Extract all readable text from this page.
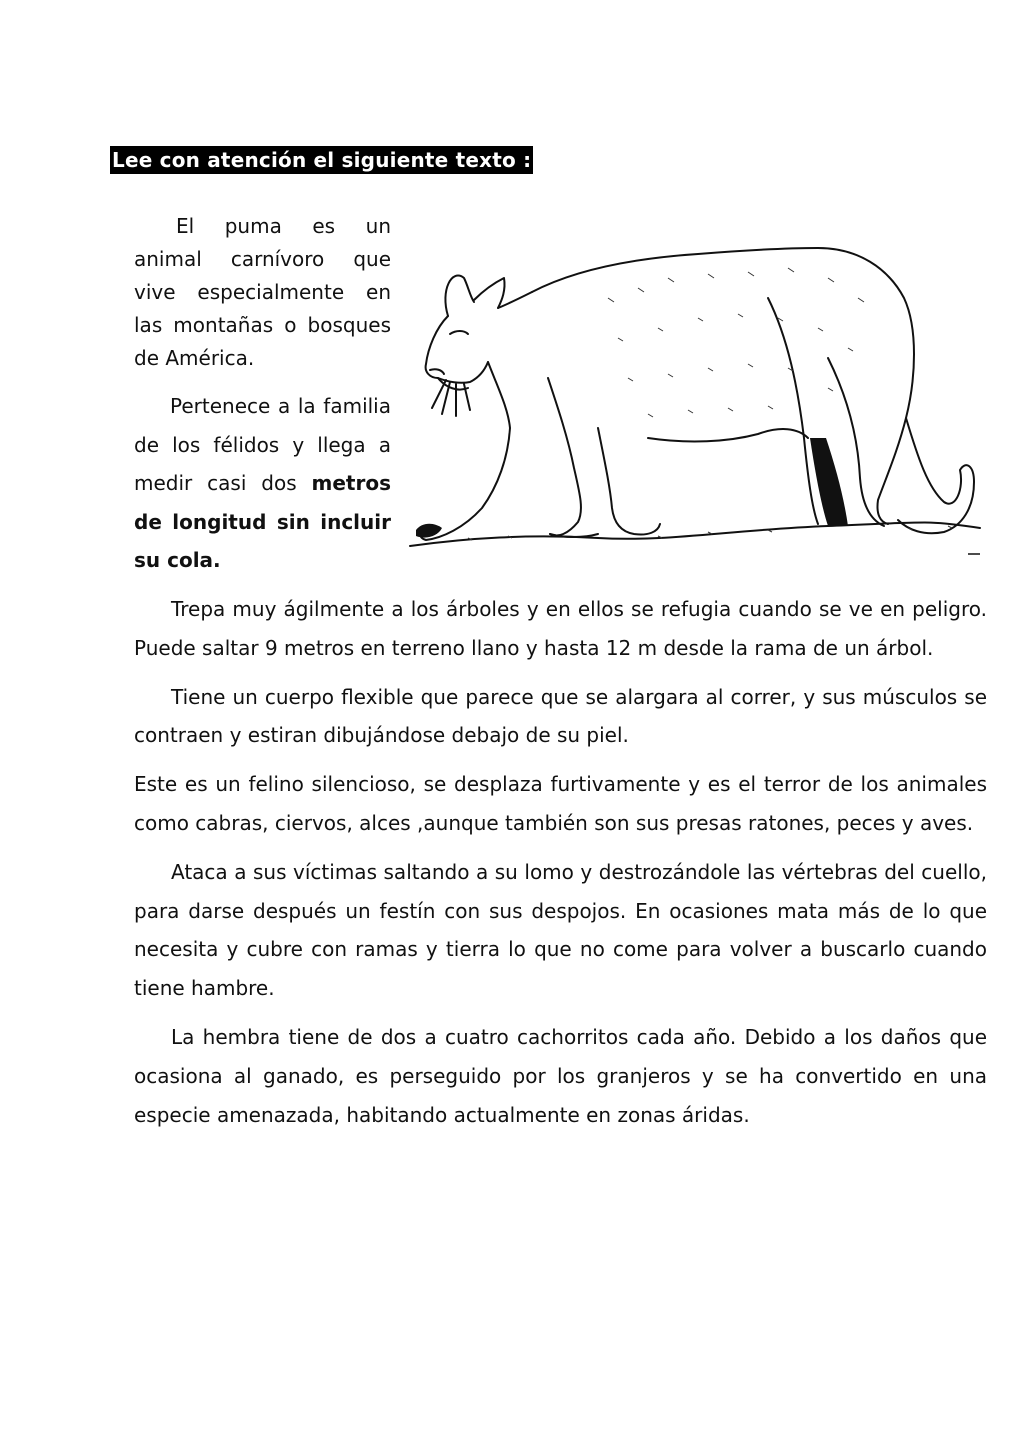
Lee con atención el siguiente texto :

El puma es un animal carnívoro que vive especialmente en las montañas o bosques de América.

Pertenece a la familia de los félidos y llega a medir casi dos metros de longitud sin incluir su cola.

Trepa muy ágilmente a los árboles y en ellos se refugia cuando se ve en peligro. Puede saltar 9 metros en terreno llano y hasta 12 m desde la rama de un árbol.

Tiene un cuerpo flexible que parece que se alargara al correr, y sus músculos se contraen y estiran dibujándose debajo de su piel.

Este es un felino silencioso, se desplaza furtivamente y es el terror de los animales como cabras, ciervos, alces ,aunque también son sus presas ratones, peces y aves.

Ataca a sus víctimas saltando a su lomo y destrozándole las vértebras del cuello, para darse después un festín con sus despojos. En ocasiones mata más de lo que necesita y cubre con ramas y tierra lo que no come para volver a buscarlo cuando tiene hambre.

La hembra tiene de dos a cuatro cachorritos cada año. Debido a los daños que ocasiona al ganado, es perseguido por los granjeros y se ha convertido en una especie amenazada, habitando actualmente en zonas áridas.
